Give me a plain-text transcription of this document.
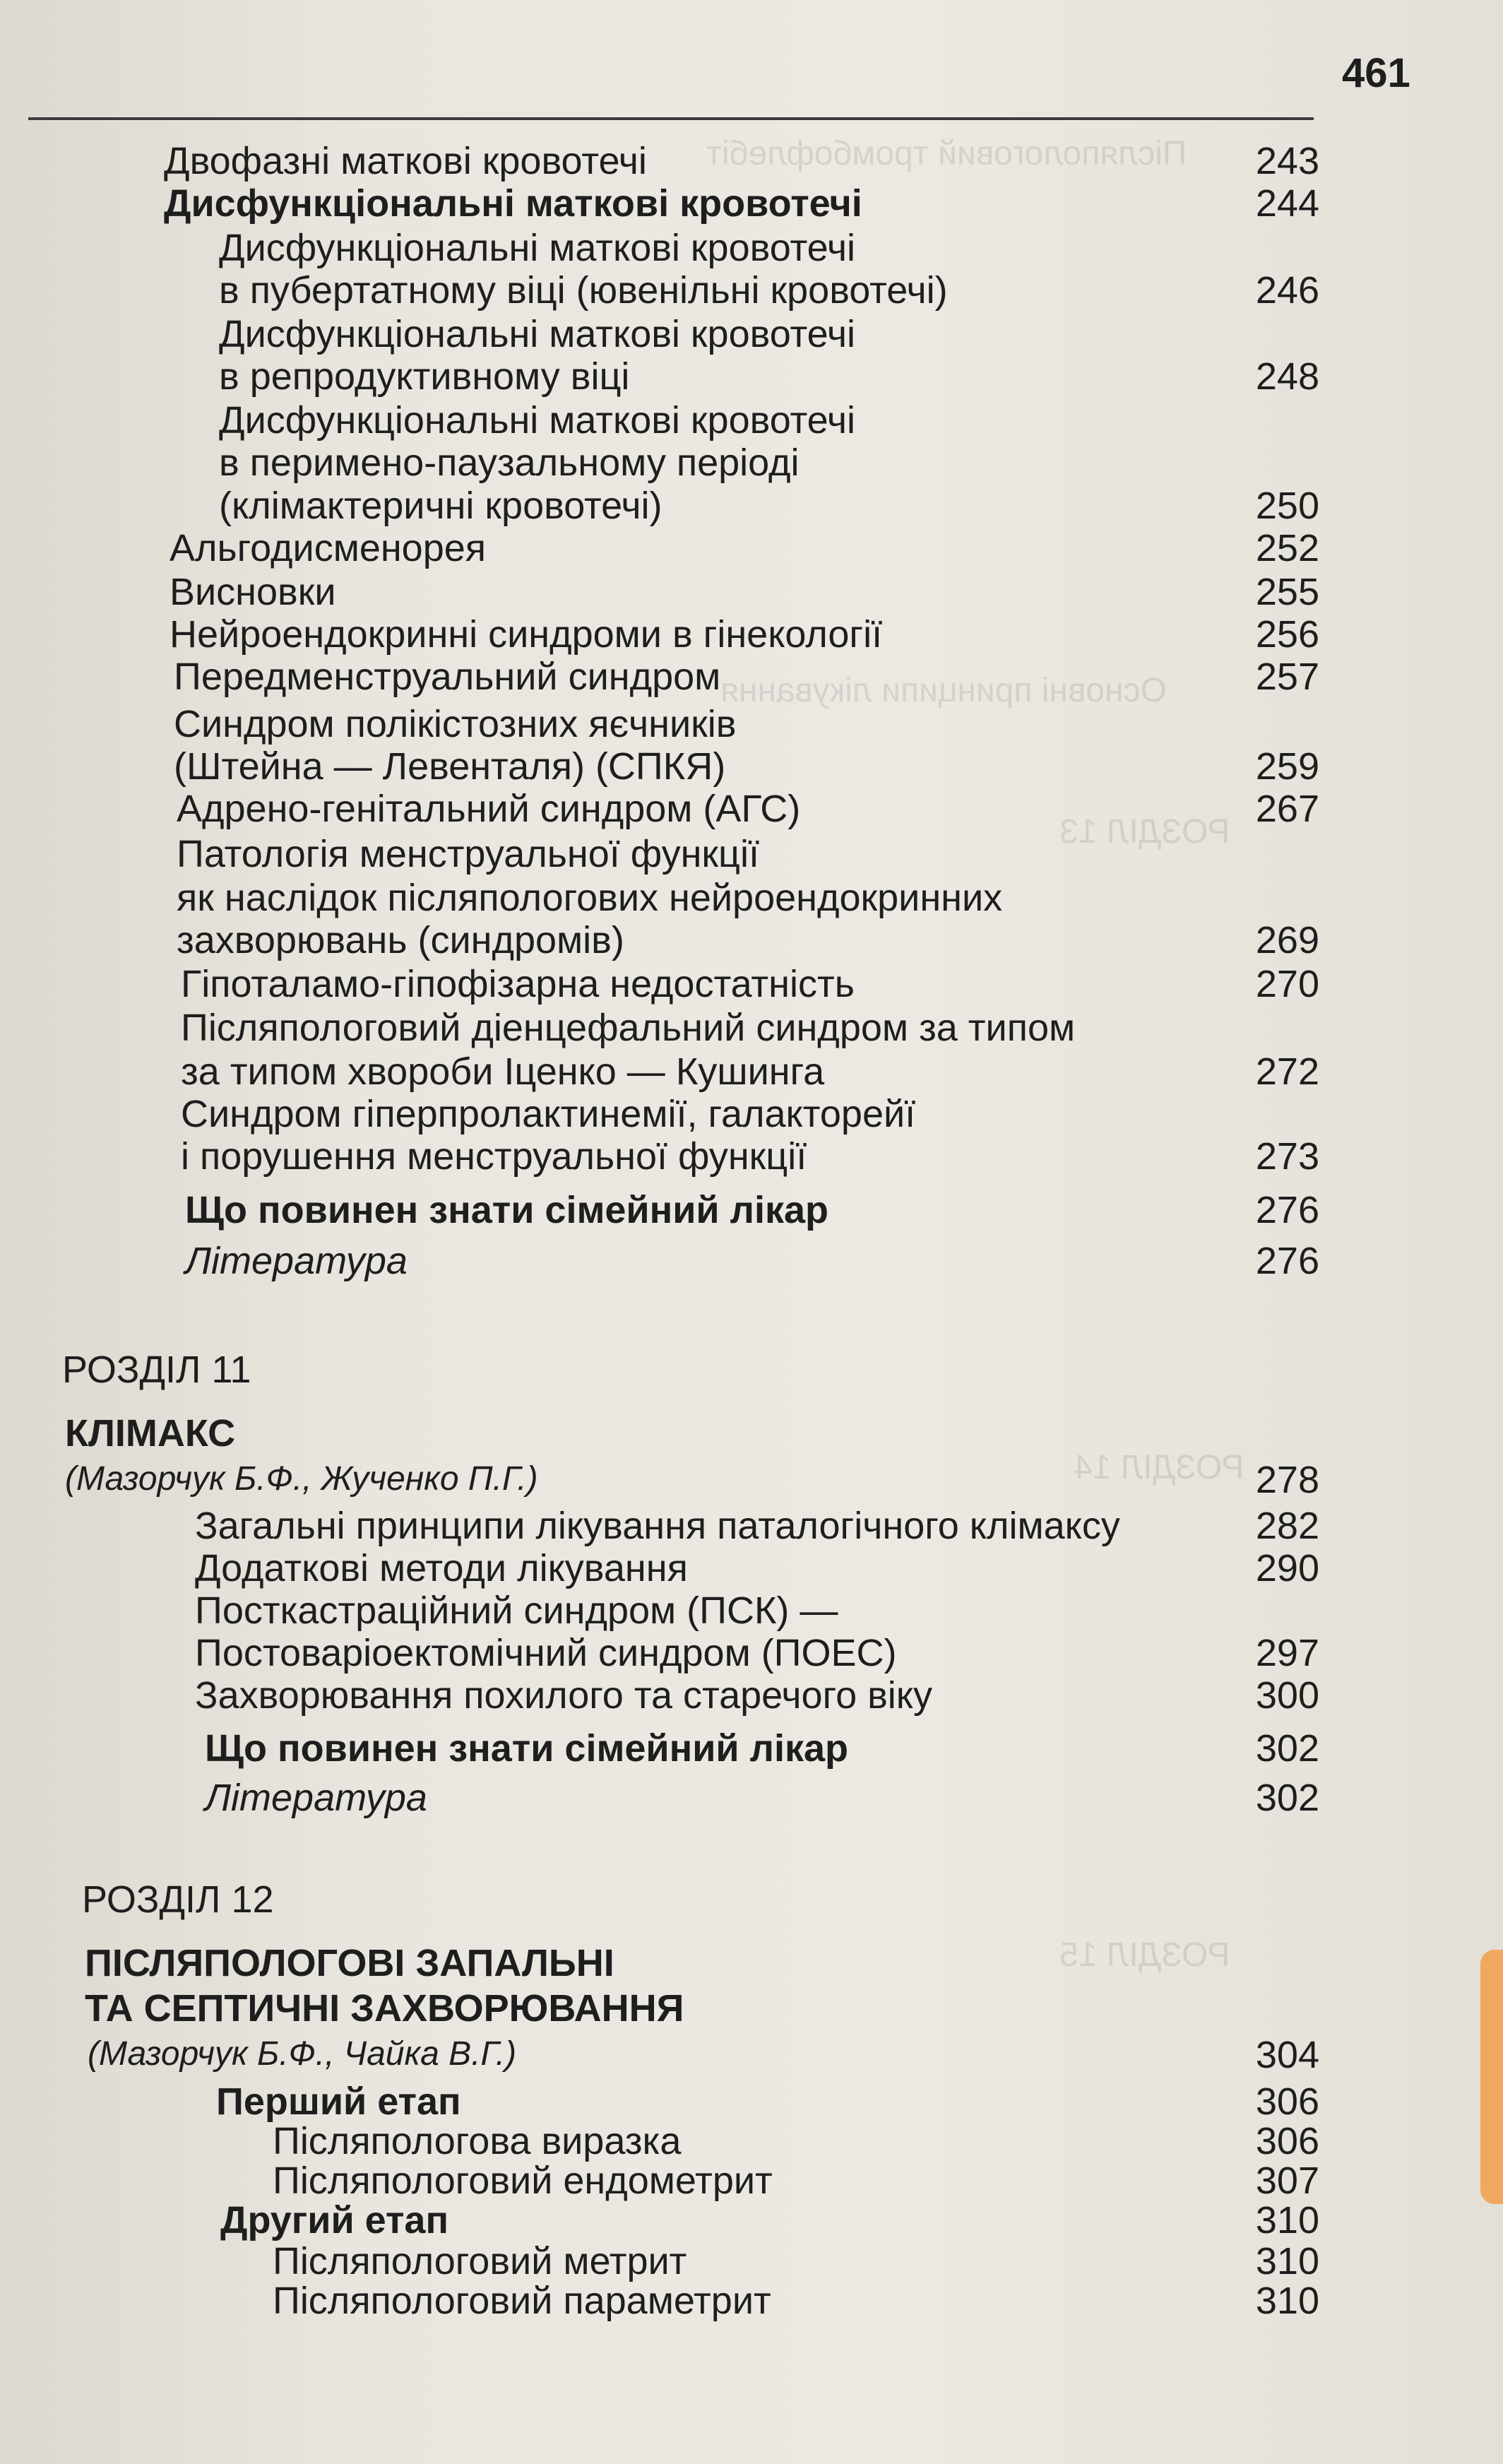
Післяпологовий тромбофлебіт
Основні принципи лікування
РОЗДІЛ 13
РОЗДІЛ 14
РОЗДІЛ 15
461
Двофазні маткові кровотечі	243
Дисфункціональні маткові кровотечі	244
Дисфункціональні маткові кровотечі
в пубертатному віці (ювенільні кровотечі)	246
Дисфункціональні маткові кровотечі
в репродуктивному віці	248
Дисфункціональні маткові кровотечі
в перимено-паузальному періоді
(клімактеричні кровотечі)	250
Альгодисменорея	252
Висновки	255
Нейроендокринні синдроми в гінекології	256
Передменструальний синдром	257
Синдром полікістозних яєчників
(Штейна — Левенталя) (СПКЯ)	259
Адрено-генітальний синдром (АГС)	267
Патологія менструальної функції
як наслідок післяпологових нейроендокринних
захворювань (синдромів)	269
Гіпоталамо-гіпофізарна недостатність	270
Післяпологовий діенцефальний синдром за типом
за типом хвороби Іценко — Кушинга	272
Синдром гіперпролактинемії, галакторейї
і порушення менструальної функції	273
Що повинен знати сімейний лікар	276
Література	276
РОЗДІЛ 11
КЛІМАКС
(Мазорчук Б.Ф., Жученко П.Г.)	278
Загальні принципи лікування паталогічного клімаксу	282
Додаткові методи лікування	290
Посткастраційний синдром (ПСК) —
Постоваріоектомічний синдром (ПОЕС)	297
Захворювання похилого та старечого віку	300
Що повинен знати сімейний лікар	302
Література	302
РОЗДІЛ 12
ПІСЛЯПОЛОГОВІ ЗАПАЛЬНІ
ТА СЕПТИЧНІ ЗАХВОРЮВАННЯ
(Мазорчук Б.Ф., Чайка В.Г.)	304
Перший етап	306
Післяпологова виразка	306
Післяпологовий ендометрит	307
Другий етап	310
Післяпологовий метрит	310
Післяпологовий параметрит	310
